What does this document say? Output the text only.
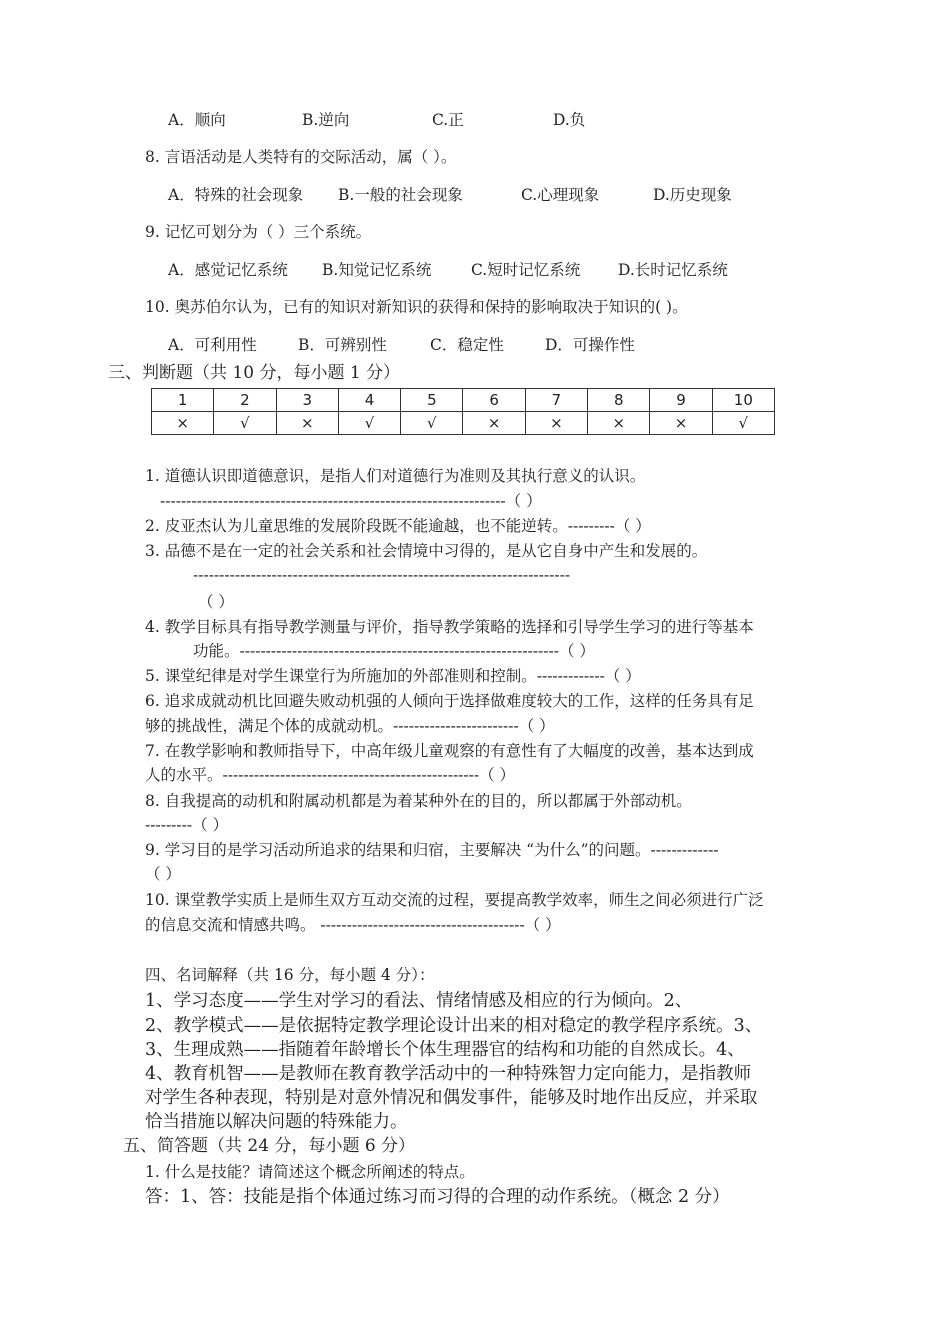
A．顺向	B.逆向	C.正	D.负
8. 言语活动是人类特有的交际活动，属（ ）。
A．特殊的社会现象 B.一般的社会现象	C.心理现象	D.历史现象
9. 记忆可划分为（ ）三个系统。
A．感觉记忆系统 B.知觉记忆系统	C.短时记忆系统 D.长时记忆系统
10. 奥苏伯尔认为，已有的知识对新知识的获得和保持的影响取决于知识的( )。
A．可利用性	B．可辨别性	C．稳定性	D．可操作性
三、判断题（共 10 分，每小题 1 分）
1	2	3	4	5	6	7	8	9	10
×	√	×	√	√	×	×	×	×	√
1. 道德认识即道德意识，是指人们对道德行为准则及其执行意义的认识。
------------------------------------------------------------------（ ）
2. 皮亚杰认为儿童思维的发展阶段既不能逾越，也不能逆转。---------（ ）
3. 品德不是在一定的社会关系和社会情境中习得的，是从它自身中产生和发展的。
------------------------------------------------------------------------
（ ）
4. 教学目标具有指导教学测量与评价，指导教学策略的选择和引导学生学习的进行等基本
功能。-------------------------------------------------------------（ ）
5. 课堂纪律是对学生课堂行为所施加的外部准则和控制。-------------（ ）
6. 追求成就动机比回避失败动机强的人倾向于选择做难度较大的工作，这样的任务具有足
够的挑战性，满足个体的成就动机。------------------------（ ）
7. 在教学影响和教师指导下，中高年级儿童观察的有意性有了大幅度的改善，基本达到成
人的水平。-------------------------------------------------（ ）
8. 自我提高的动机和附属动机都是为着某种外在的目的，所以都属于外部动机。
---------（ ）
9. 学习目的是学习活动所追求的结果和归宿，主要解决 “为什么”的问题。-------------
（ ）
10. 课堂教学实质上是师生双方互动交流的过程，要提高教学效率，师生之间必须进行广泛
的信息交流和情感共鸣。 ---------------------------------------（ ）
四、名词解释（共 16 分，每小题 4 分）：
1、学习态度——学生对学习的看法、情绪情感及相应的行为倾向。2、
2、教学模式——是依据特定教学理论设计出来的相对稳定的教学程序系统。3、
3、生理成熟——指随着年龄增长个体生理器官的结构和功能的自然成长。4、
4、教育机智——是教师在教育教学活动中的一种特殊智力定向能力，是指教师
对学生各种表现，特别是对意外情况和偶发事件，能够及时地作出反应，并采取
恰当措施以解决问题的特殊能力。
五、简答题（共 24 分，每小题 6 分）
1. 什么是技能？请简述这个概念所阐述的特点。
答：1、答：技能是指个体通过练习而习得的合理的动作系统。（概念 2 分）
